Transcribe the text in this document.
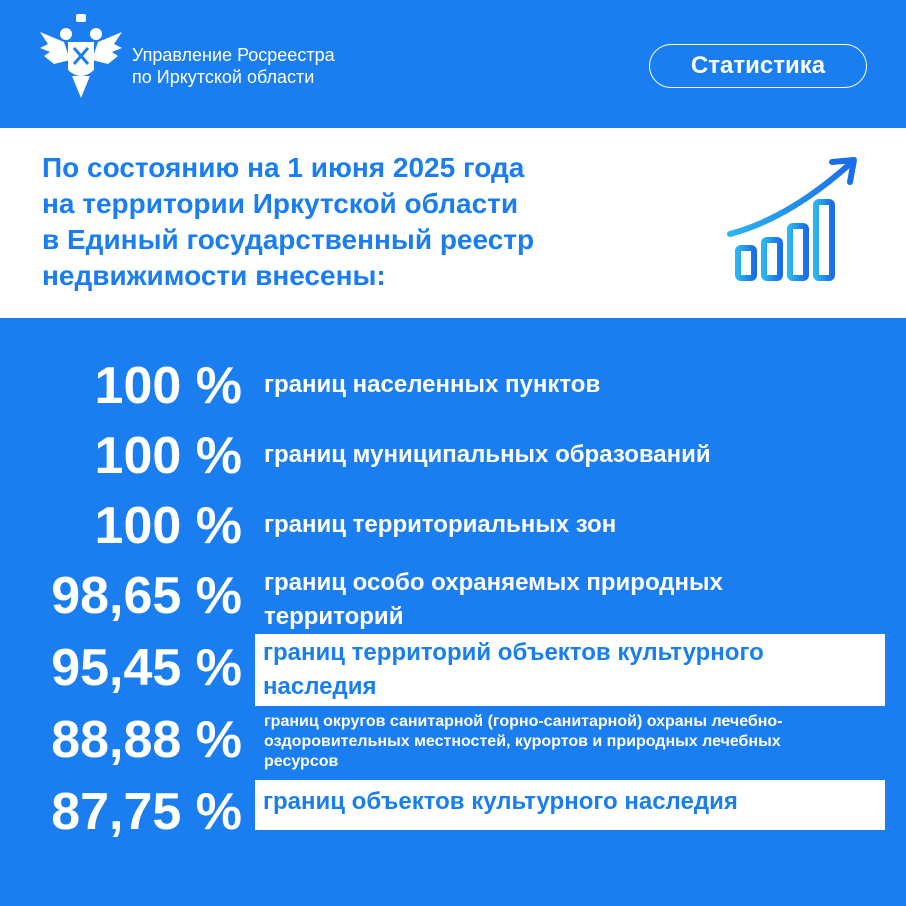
Управление Росреестра
по Иркутской области	Статистика
По состоянию на 1 июня 2025 года
на территории Иркутской области
в Единый государственный реестр
недвижимости внесены:
100 % границ населенных пунктов
100 % границ муниципальных образований
100 % границ территориальных зон
98,65 % границ особо охраняемых природных
территорий
95,45 % границ территорий объектов культурного
наследия
88,88 % границ округов санитарной (горно-санитарной) охраны лечебно-
оздоровительных местностей, курортов и природных лечебных
ресурсов
87,75 % границ объектов культурного наследия
